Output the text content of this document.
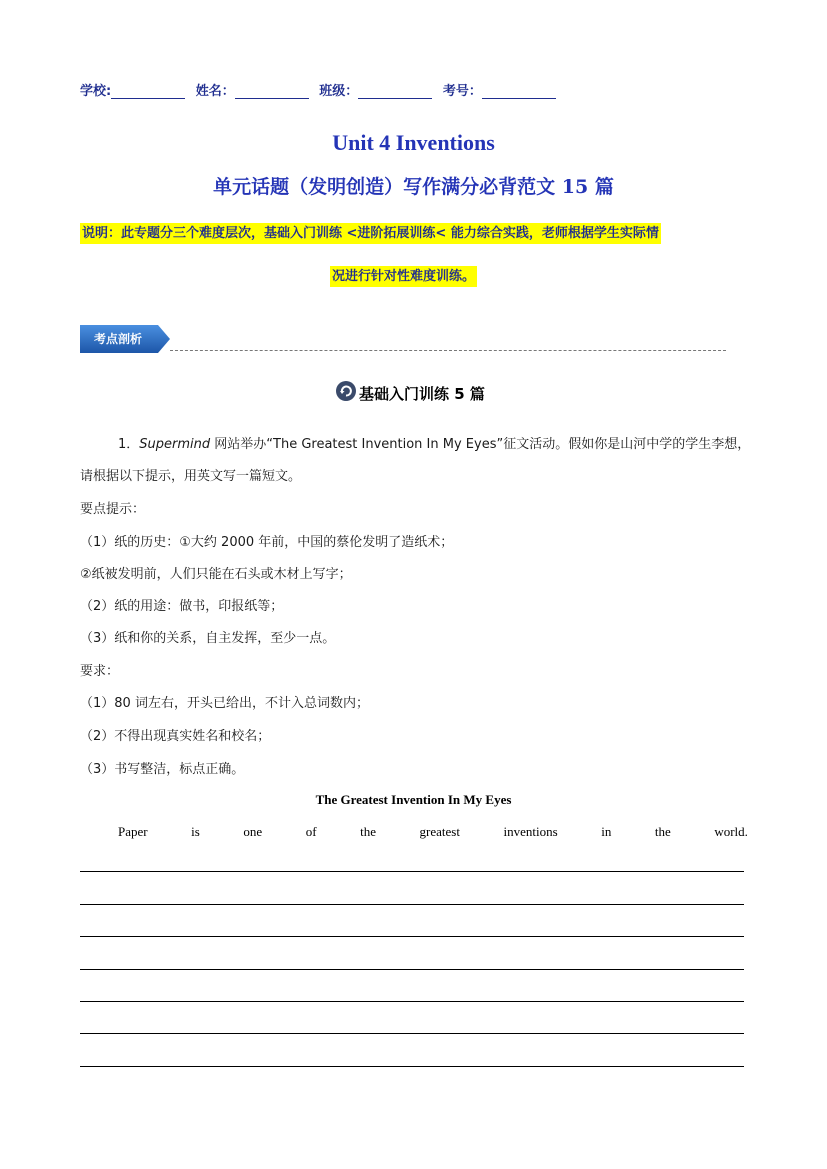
学校:	姓名：	班级：	考号：
Unit 4 Inventions
单元话题（发明创造）写作满分必背范文 15 篇
说明：此专题分三个难度层次，基础入门训练 <进阶拓展训练< 能力综合实践，老师根据学生实际情
况进行针对性难度训练。
考点剖析
基础入门训练 5 篇
1．Supermind 网站举办“The Greatest Invention In My Eyes”征文活动。假如你是山河中学的学生李想，
请根据以下提示，用英文写一篇短文。
要点提示：
（1）纸的历史：①大约 2000 年前，中国的蔡伦发明了造纸术；
②纸被发明前，人们只能在石头或木材上写字；
（2）纸的用途：做书，印报纸等；
（3）纸和你的关系，自主发挥，至少一点。
要求：
（1）80 词左右，开头已给出，不计入总词数内；
（2）不得出现真实姓名和校名；
（3）书写整洁，标点正确。
The Greatest Invention In My Eyes
Paper	is	one	of	the	greatest	inventions	in	the	world.
